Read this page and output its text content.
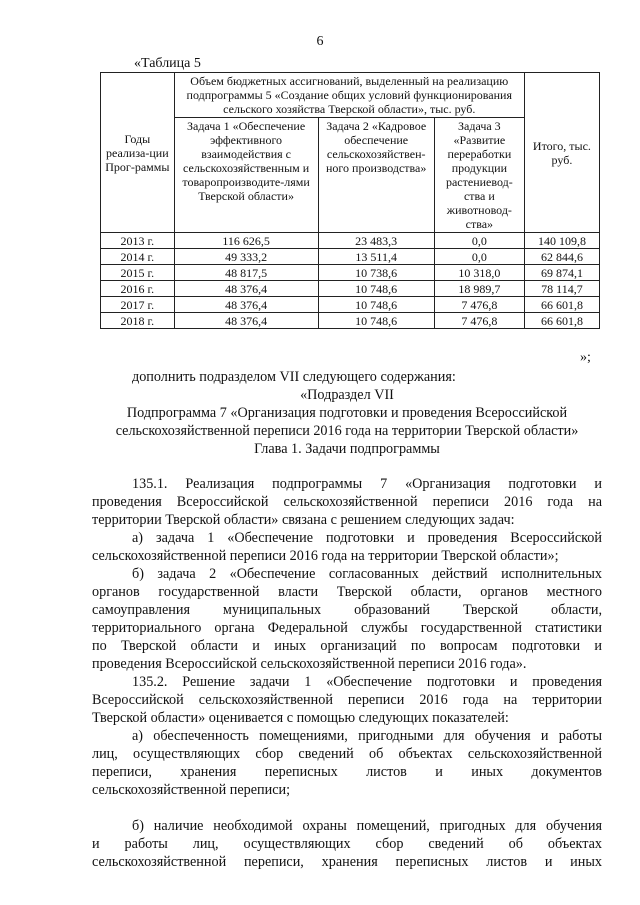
6
«Таблица 5
Годы реализа-ции Прог-раммы	Объем бюджетных ассигнований, выделенный на реализацию подпрограммы 5 «Создание общих условий функционирования сельского хозяйства Тверской области», тыс. руб.			Итого, тыс. руб.
	Задача 1 «Обеспечение эффективного взаимодействия с сельскохозяйственным и товаропроизводите-лями Тверской области»	Задача 2 «Кадровое обеспечение сельскохозяйствен-ного производства»	Задача 3 «Развитие переработки продукции растениевод-ства и животновод-ства»	
2013 г.	116 626,5	23 483,3	0,0	140 109,8
2014 г.	49 333,2	13 511,4	0,0	62 844,6
2015 г.	48 817,5	10 738,6	10 318,0	69 874,1
2016 г.	48 376,4	10 748,6	18 989,7	78 114,7
2017 г.	48 376,4	10 748,6	7 476,8	66 601,8
2018 г.	48 376,4	10 748,6	7 476,8	66 601,8
»;
дополнить подразделом VII следующего содержания:
«Подраздел VII
Подпрограмма 7 «Организация подготовки и проведения Всероссийской
сельскохозяйственной переписи 2016 года на территории Тверской области»
Глава 1. Задачи подпрограммы
135.1. Реализация подпрограммы 7 «Организация подготовки и
проведения Всероссийской сельскохозяйственной переписи 2016 года на
территории Тверской области» связана с решением следующих задач:
а) задача 1 «Обеспечение подготовки и проведения Всероссийской
сельскохозяйственной переписи 2016 года на территории Тверской области»;
б) задача 2 «Обеспечение согласованных действий исполнительных
органов государственной власти Тверской области, органов местного
самоуправления муниципальных образований Тверской области,
территориального органа Федеральной службы государственной статистики
по Тверской области и иных организаций по вопросам подготовки и
проведения Всероссийской сельскохозяйственной переписи 2016 года».
135.2. Решение задачи 1 «Обеспечение подготовки и проведения
Всероссийской сельскохозяйственной переписи 2016 года на территории
Тверской области» оценивается с помощью следующих показателей:
а) обеспеченность помещениями, пригодными для обучения и работы
лиц, осуществляющих сбор сведений об объектах сельскохозяйственной
переписи, хранения переписных листов и иных документов
сельскохозяйственной переписи;
б) наличие необходимой охраны помещений, пригодных для обучения
и работы лиц, осуществляющих сбор сведений об объектах
сельскохозяйственной переписи, хранения переписных листов и иных
